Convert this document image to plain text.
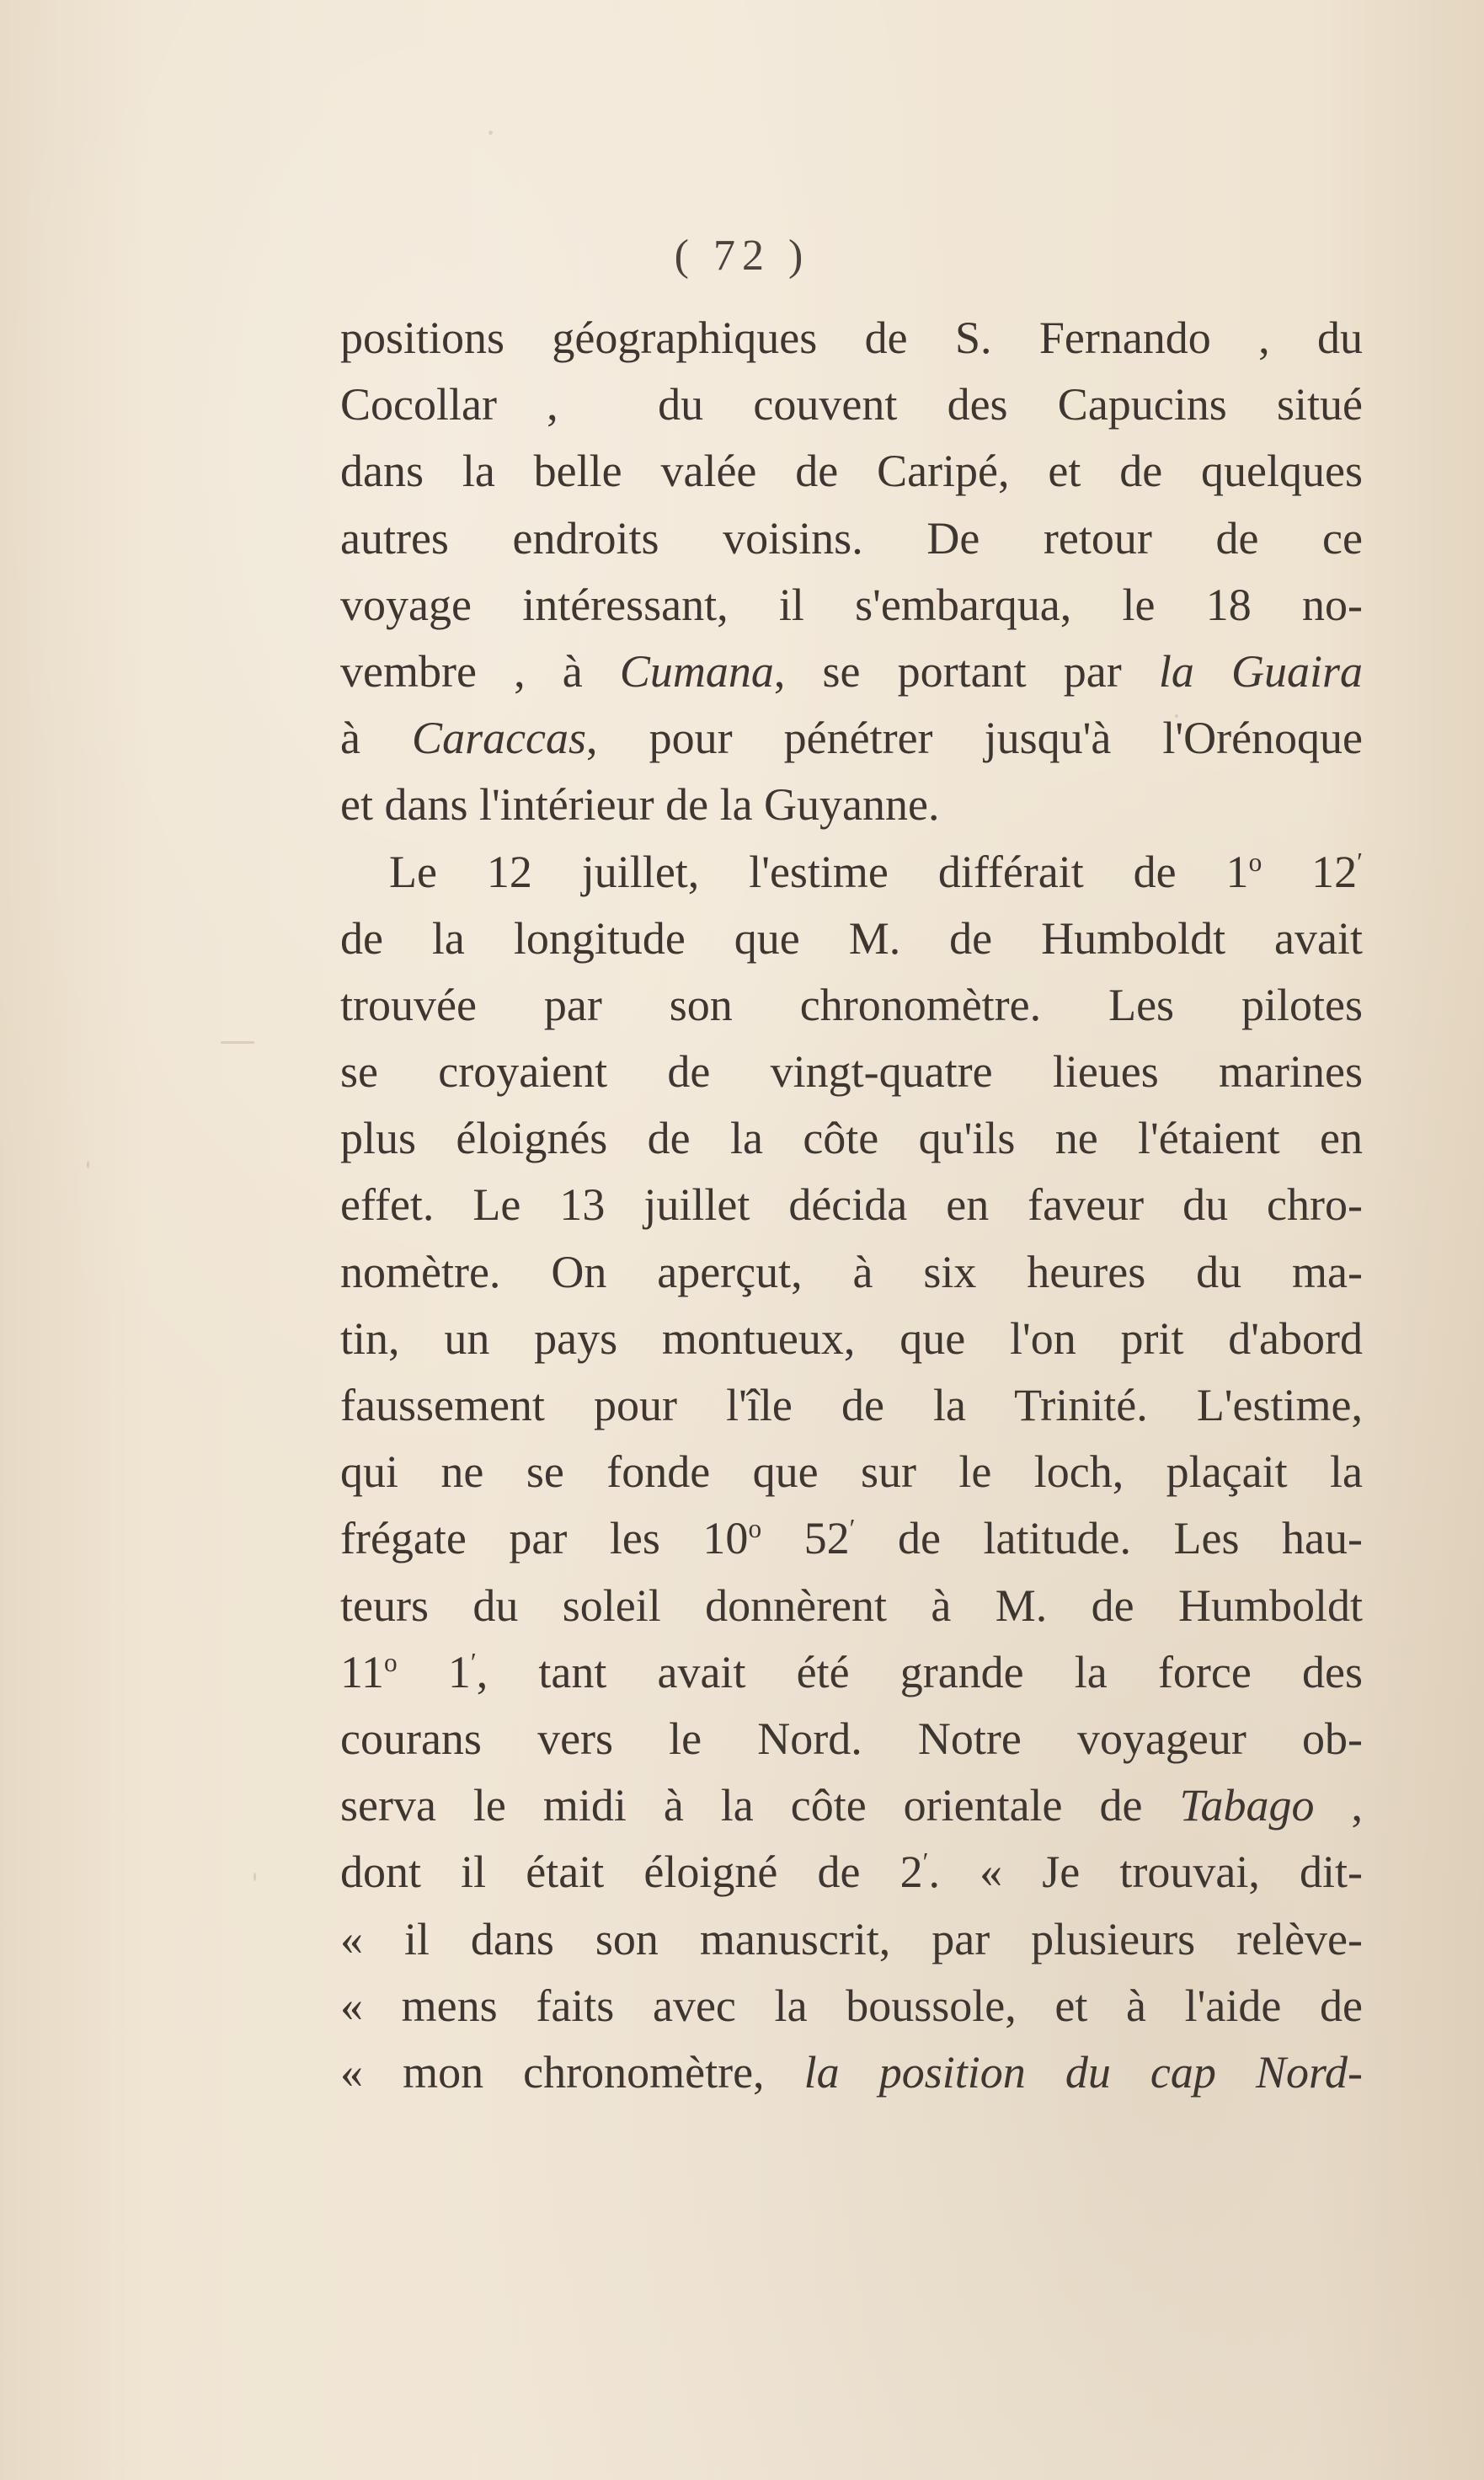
( 72 )
positions géographiques de S. Fernando , du
Cocollar ,  du couvent des Capucins situé
dans la belle valée de Caripé, et de quelques
autres endroits voisins. De retour de ce
voyage intéressant, il s'embarqua, le 18 no-
vembre , à Cumana, se portant par la Guaira
à Caraccas, pour pénétrer jusqu'à l'Orénoque
et dans l'intérieur de la Guyanne.
Le 12 juillet, l'estime différait de 1$^o$ 12′
de la longitude que M. de Humboldt avait
trouvée par son chronomètre. Les pilotes
se croyaient de vingt-quatre lieues marines
plus éloignés de la côte qu'ils ne l'étaient en
effet. Le 13 juillet décida en faveur du chro-
nomètre. On aperçut, à six heures du ma-
tin, un pays montueux, que l'on prit d'abord
faussement pour l'île de la Trinité. L'estime,
qui ne se fonde que sur le loch, plaçait la
frégate par les 10$^o$ 52′ de latitude. Les hau-
teurs du soleil donnèrent à M. de Humboldt
11$^o$ 1′, tant avait été grande la force des
courans vers le Nord. Notre voyageur ob-
serva le midi à la côte orientale de Tabago ,
dont il était éloigné de 2′. « Je trouvai, dit-
« il dans son manuscrit, par plusieurs relève-
« mens faits avec la boussole, et à l'aide de
« mon chronomètre, la position du cap Nord-
